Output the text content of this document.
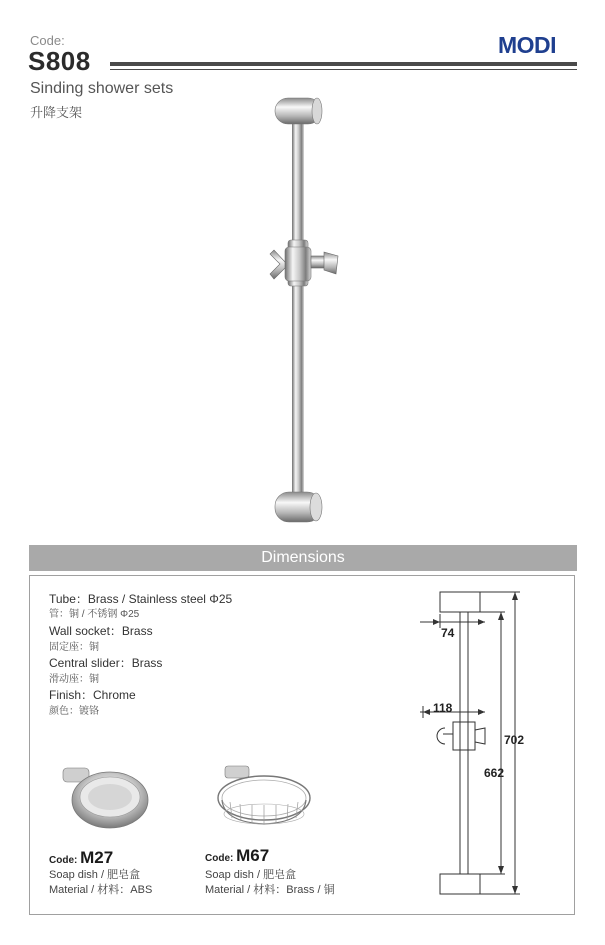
Code:
S808
MODI
Sinding shower sets
升降支架
Dimensions
Tube：Brass / Stainless steel Φ25
管：铜 / 不锈钢 Φ25
Wall socket：Brass
固定座：铜
Central slider：Brass
滑动座：铜
Finish：Chrome
颜色：镀铬
Code: M27
Soap dish / 肥皂盒
Material / 材料：ABS
Code: M67
Soap dish / 肥皂盒
Material / 材料：Brass / 铜
74
118
702
662
